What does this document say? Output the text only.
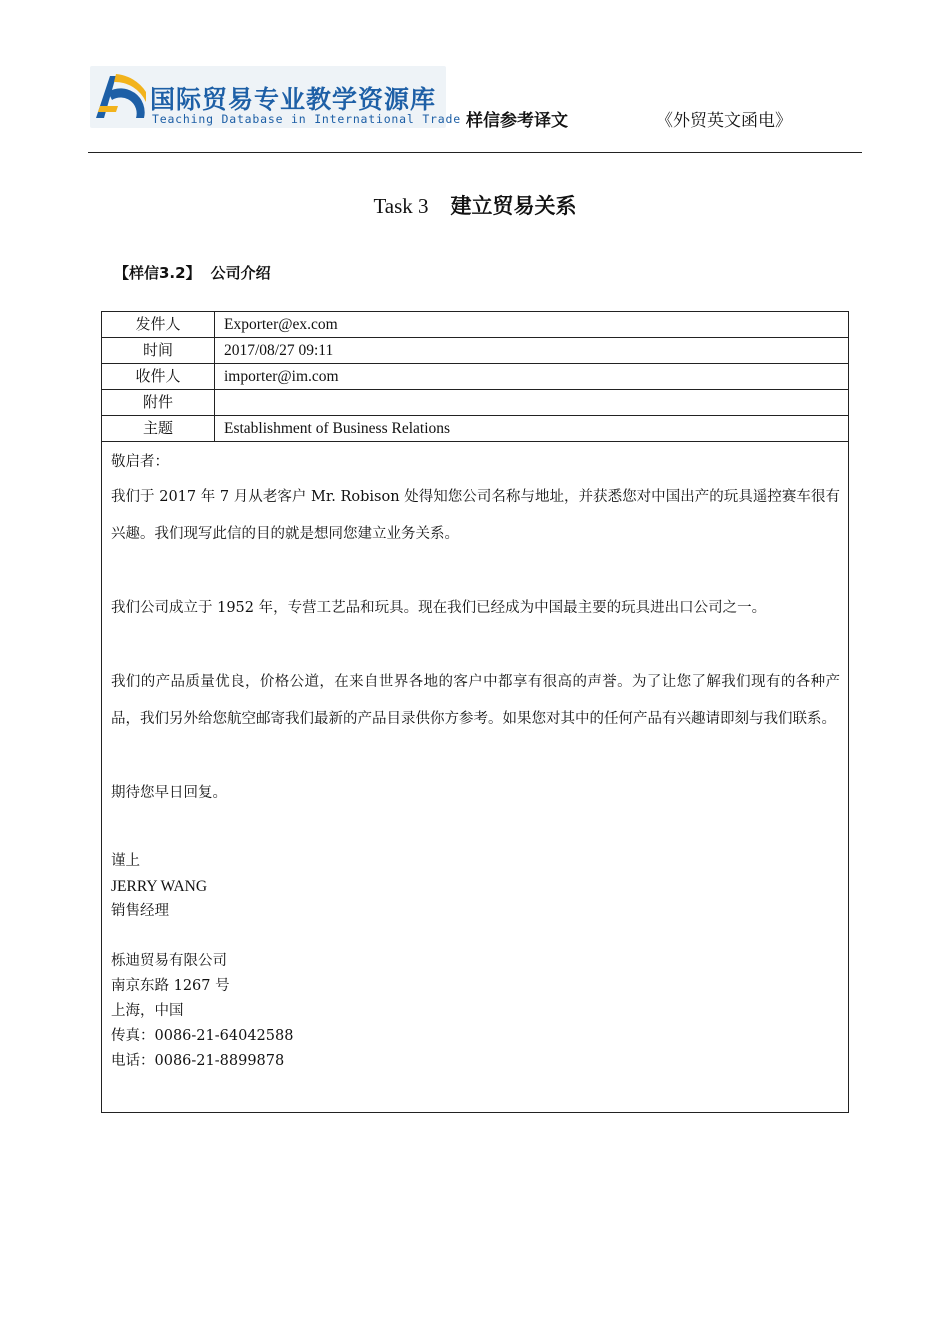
国际贸易专业教学资源库
Teaching Database in International Trade 样信参考译文	《外贸英文函电》
Task 3 建立贸易关系
【样信3.2】 公司介绍
发件人	Exporter@ex.com
时间	2017/08/27 09:11
收件人	importer@im.com
附件	
主题	Establishment of Business Relations

敬启者：

我们于 2017 年 7 月从老客户 Mr. Robison 处得知您公司名称与地址，并获悉您对中国出产的玩具遥控赛车很有兴趣。我们现写此信的目的就是想同您建立业务关系。

我们公司成立于 1952 年，专营工艺品和玩具。现在我们已经成为中国最主要的玩具进出口公司之一。

我们的产品质量优良，价格公道，在来自世界各地的客户中都享有很高的声誉。为了让您了解我们现有的各种产品，我们另外给您航空邮寄我们最新的产品目录供你方参考。如果您对其中的任何产品有兴趣请即刻与我们联系。

期待您早日回复。

谨上

JERRY WANG

销售经理

栎迪贸易有限公司

南京东路 1267 号

上海，中国

传真：0086-21-64042588

电话：0086-21-8899878
